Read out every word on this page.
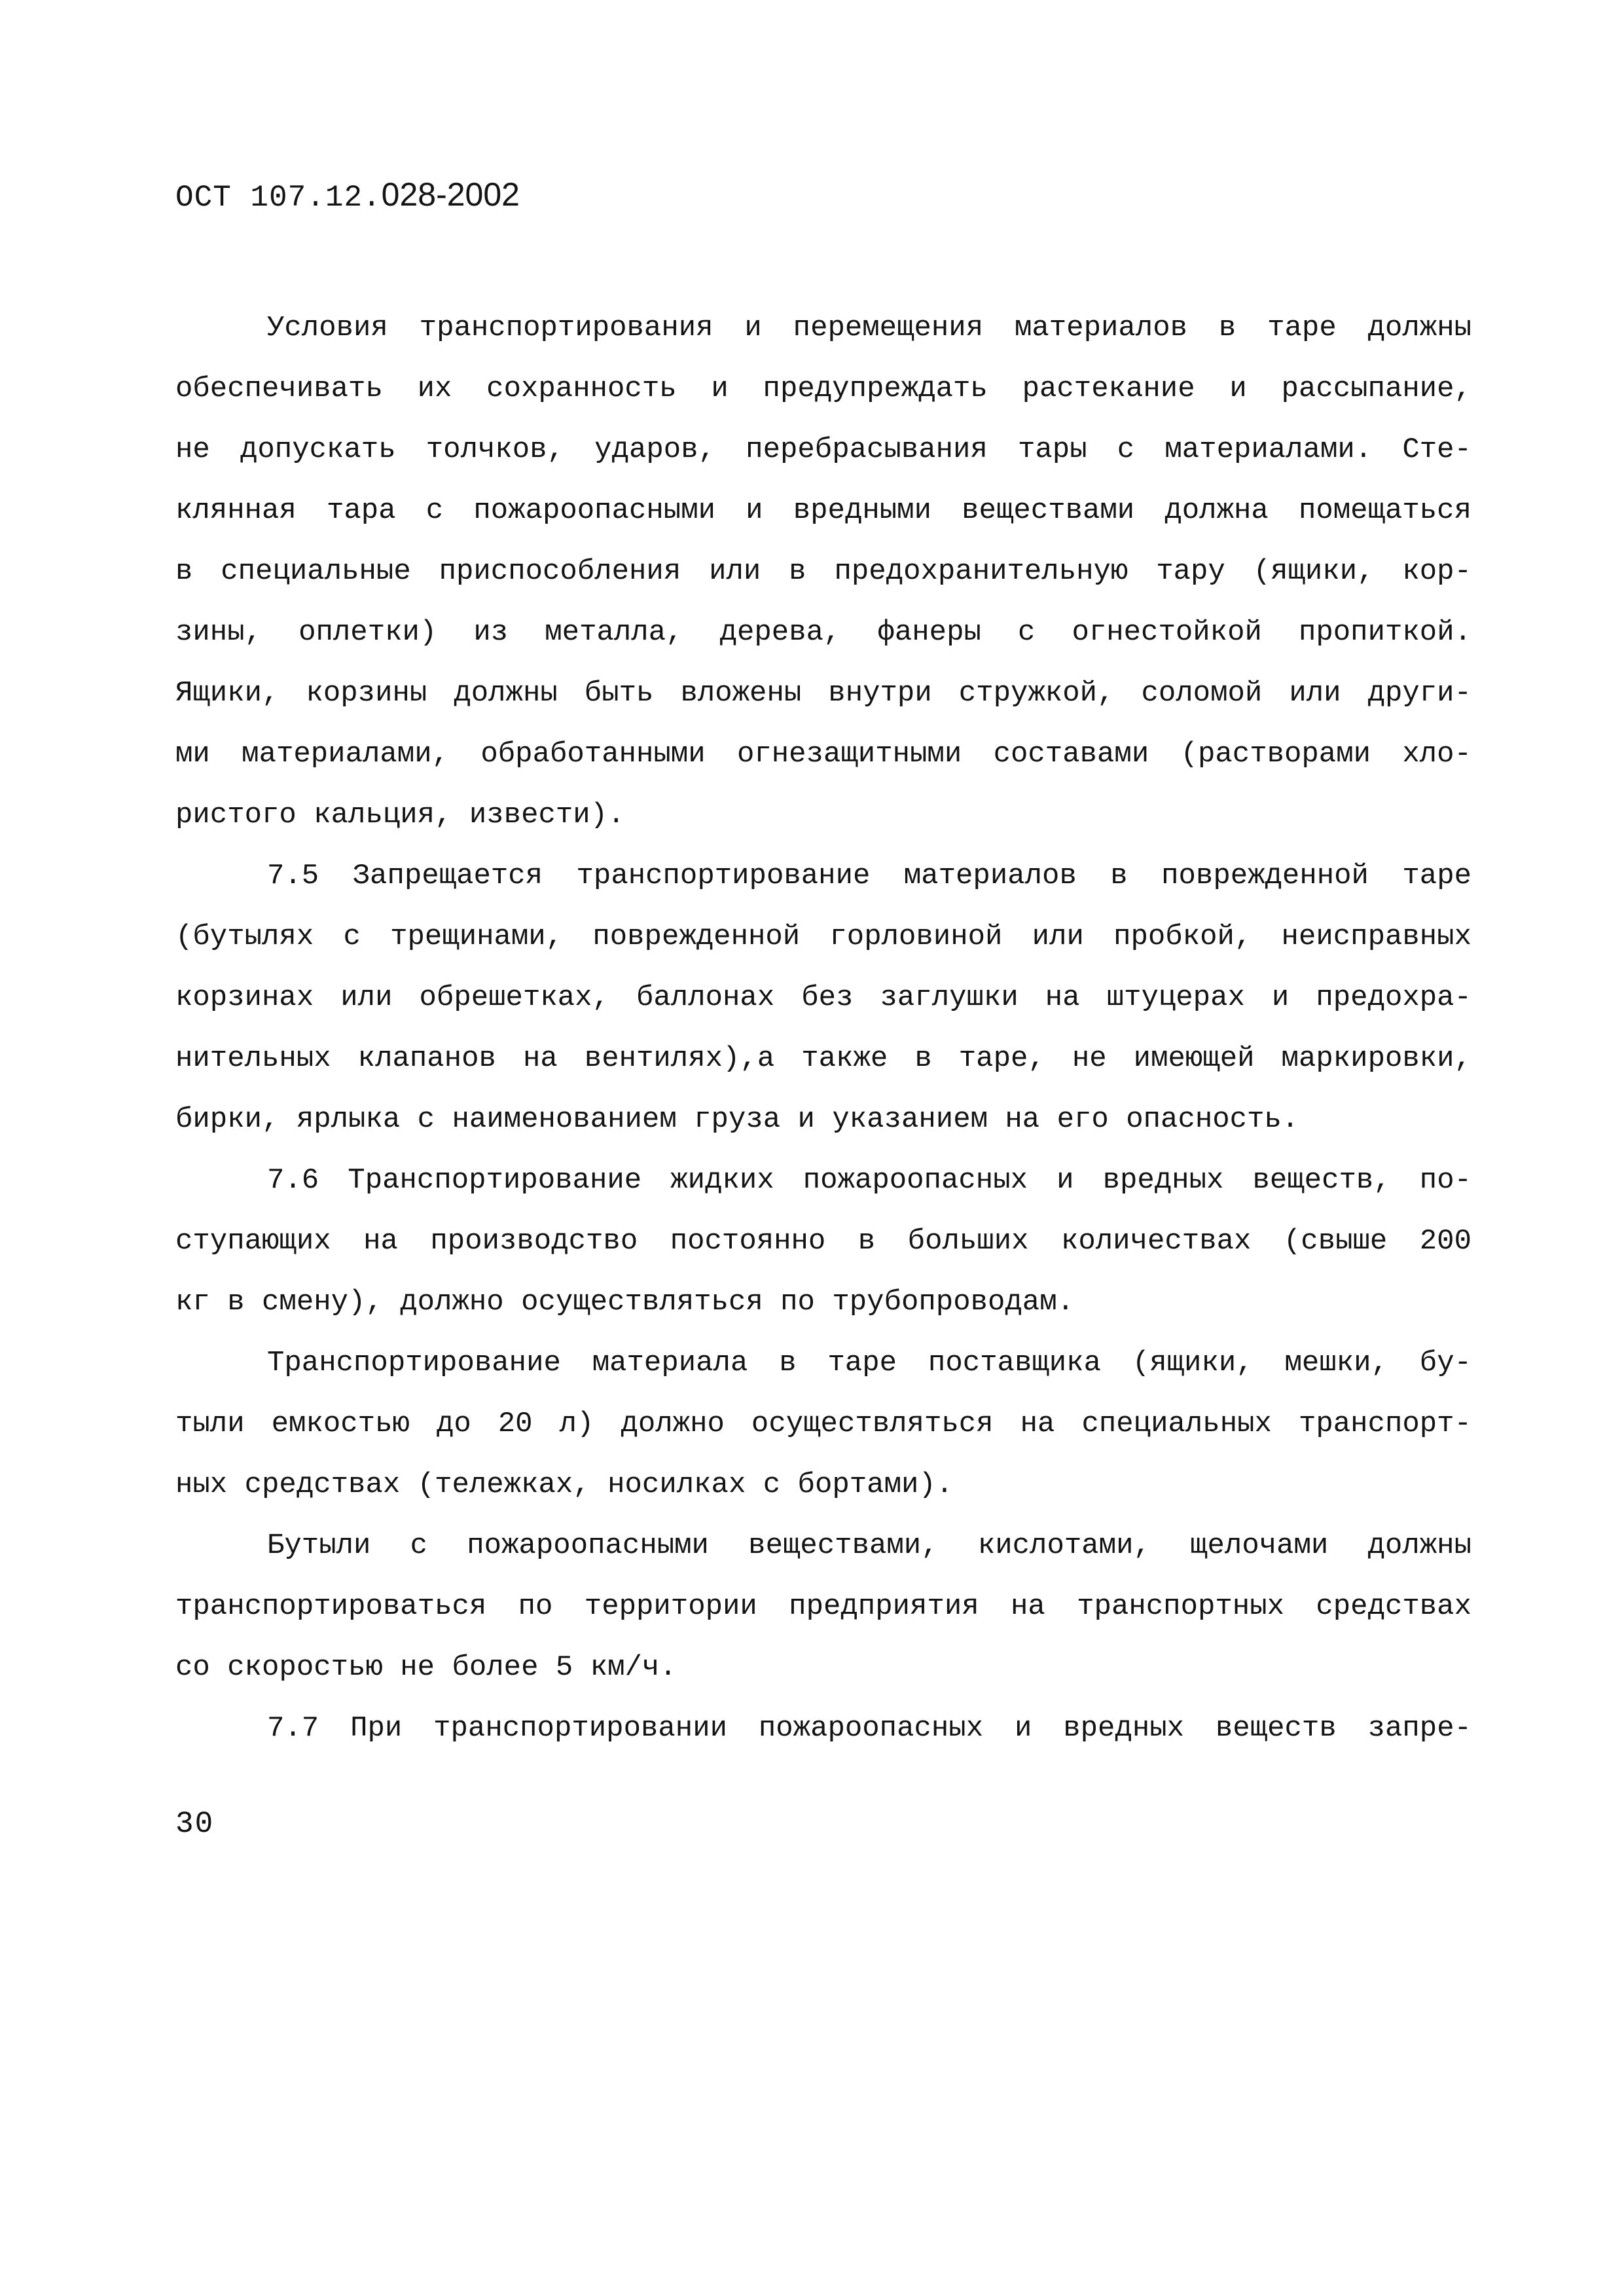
ОСТ 107.12.028-2002
Условия транспортирования и перемещения материалов в таре должны
обеспечивать их сохранность и предупреждать растекание и рассыпание,
не допускать толчков, ударов, перебрасывания тары с материалами. Сте-
клянная тара с пожароопасными и вредными веществами должна помещаться
в специальные приспособления или в предохранительную тару (ящики, кор-
зины, оплетки) из металла, дерева, фанеры с огнестойкой пропиткой.
Ящики, корзины должны быть вложены внутри стружкой, соломой или други-
ми материалами, обработанными огнезащитными составами (растворами хло-
ристого кальция, извести).
7.5 Запрещается транспортирование материалов в поврежденной таре
(бутылях с трещинами, поврежденной горловиной или пробкой, неисправных
корзинах или обрешетках, баллонах без заглушки на штуцерах и предохра-
нительных клапанов на вентилях),а также в таре, не имеющей маркировки,
бирки, ярлыка с наименованием груза и указанием на его опасность.
7.6 Транспортирование жидких пожароопасных и вредных веществ, по-
ступающих на производство постоянно в больших количествах (свыше 200
кг в смену), должно осуществляться по трубопроводам.
Транспортирование материала в таре поставщика (ящики, мешки, бу-
тыли емкостью до 20 л) должно осуществляться на специальных транспорт-
ных средствах (тележках, носилках с бортами).
Бутыли с пожароопасными веществами, кислотами, щелочами должны
транспортироваться по территории предприятия на транспортных средствах
со скоростью не более 5 км/ч.
7.7 При транспортировании пожароопасных и вредных веществ запре-
30
